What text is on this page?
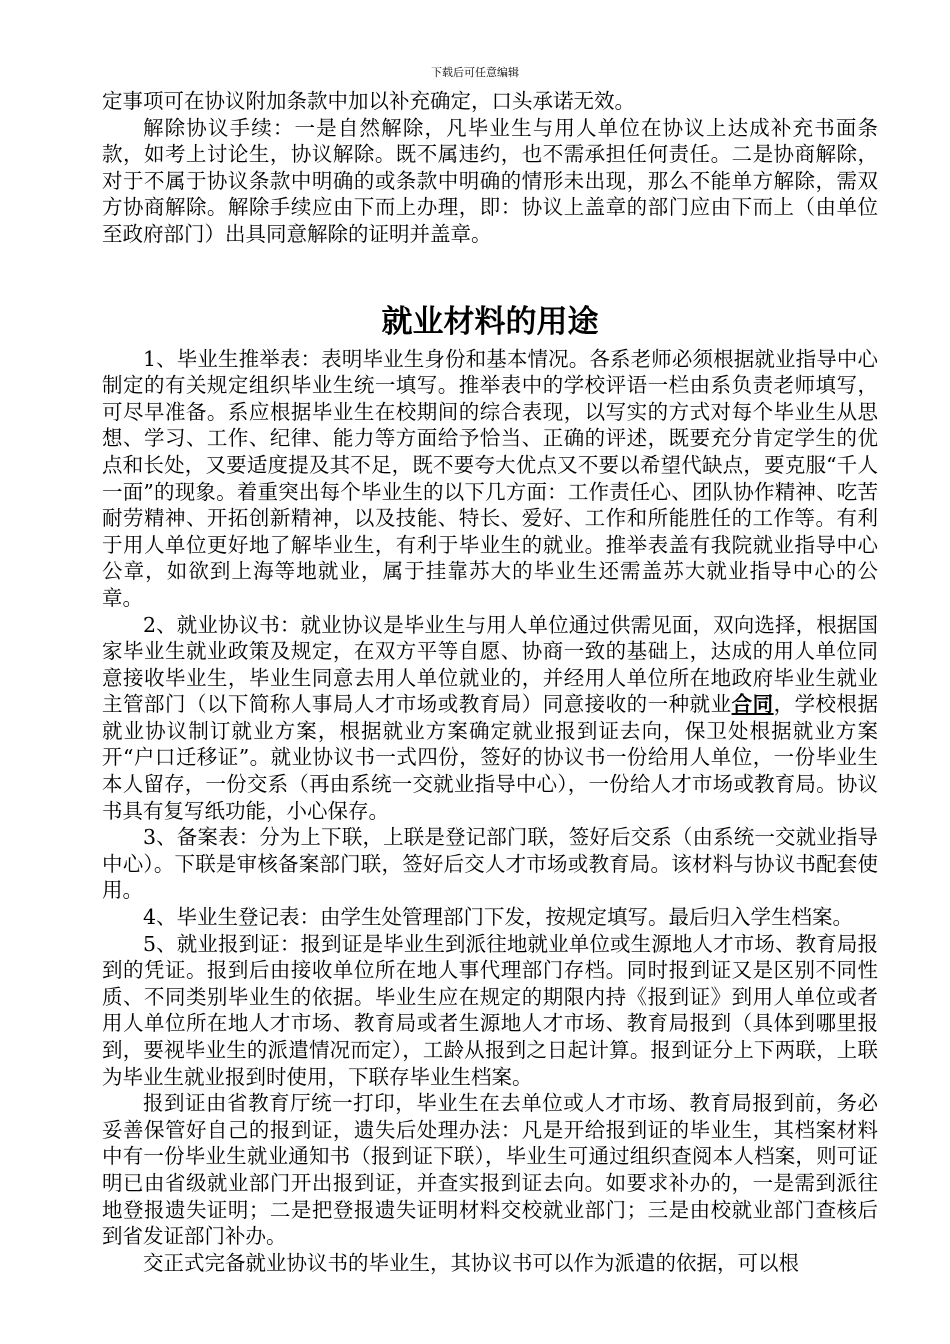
下载后可任意编辑

定事项可在协议附加条款中加以补充确定，口头承诺无效。

解除协议手续：一是自然解除，凡毕业生与用人单位在协议上达成补充书面条款，如考上讨论生，协议解除。既不属违约，也不需承担任何责任。二是协商解除，对于不属于协议条款中明确的或条款中明确的情形未出现，那么不能单方解除，需双方协商解除。解除手续应由下而上办理，即：协议上盖章的部门应由下而上（由单位至政府部门）出具同意解除的证明并盖章。

就业材料的用途

1、毕业生推举表：表明毕业生身份和基本情况。各系老师必须根据就业指导中心制定的有关规定组织毕业生统一填写。推举表中的学校评语一栏由系负责老师填写，可尽早准备。系应根据毕业生在校期间的综合表现，以写实的方式对每个毕业生从思想、学习、工作、纪律、能力等方面给予恰当、正确的评述，既要充分肯定学生的优点和长处，又要适度提及其不足，既不要夸大优点又不要以希望代缺点，要克服“千人一面”的现象。着重突出每个毕业生的以下几方面：工作责任心、团队协作精神、吃苦耐劳精神、开拓创新精神，以及技能、特长、爱好、工作和所能胜任的工作等。有利于用人单位更好地了解毕业生，有利于毕业生的就业。推举表盖有我院就业指导中心公章，如欲到上海等地就业，属于挂靠苏大的毕业生还需盖苏大就业指导中心的公章。

2、就业协议书：就业协议是毕业生与用人单位通过供需见面，双向选择，根据国家毕业生就业政策及规定，在双方平等自愿、协商一致的基础上，达成的用人单位同意接收毕业生，毕业生同意去用人单位就业的，并经用人单位所在地政府毕业生就业主管部门（以下简称人事局人才市场或教育局）同意接收的一种就业合同，学校根据就业协议制订就业方案，根据就业方案确定就业报到证去向，保卫处根据就业方案开“户口迁移证”。就业协议书一式四份，签好的协议书一份给用人单位，一份毕业生本人留存，一份交系（再由系统一交就业指导中心），一份给人才市场或教育局。协议书具有复写纸功能，小心保存。

3、备案表：分为上下联，上联是登记部门联，签好后交系（由系统一交就业指导中心）。下联是审核备案部门联，签好后交人才市场或教育局。该材料与协议书配套使用。

4、毕业生登记表：由学生处管理部门下发，按规定填写。最后归入学生档案。

5、就业报到证：报到证是毕业生到派往地就业单位或生源地人才市场、教育局报到的凭证。报到后由接收单位所在地人事代理部门存档。同时报到证又是区别不同性质、不同类别毕业生的依据。毕业生应在规定的期限内持《报到证》到用人单位或者用人单位所在地人才市场、教育局或者生源地人才市场、教育局报到（具体到哪里报到，要视毕业生的派遣情况而定），工龄从报到之日起计算。报到证分上下两联，上联为毕业生就业报到时使用，下联存毕业生档案。

报到证由省教育厅统一打印，毕业生在去单位或人才市场、教育局报到前，务必妥善保管好自己的报到证，遗失后处理办法：凡是开给报到证的毕业生，其档案材料中有一份毕业生就业通知书（报到证下联），毕业生可通过组织查阅本人档案，则可证明已由省级就业部门开出报到证，并查实报到证去向。如要求补办的，一是需到派往地登报遗失证明；二是把登报遗失证明材料交校就业部门；三是由校就业部门查核后到省发证部门补办。

交正式完备就业协议书的毕业生，其协议书可以作为派遣的依据，可以根
